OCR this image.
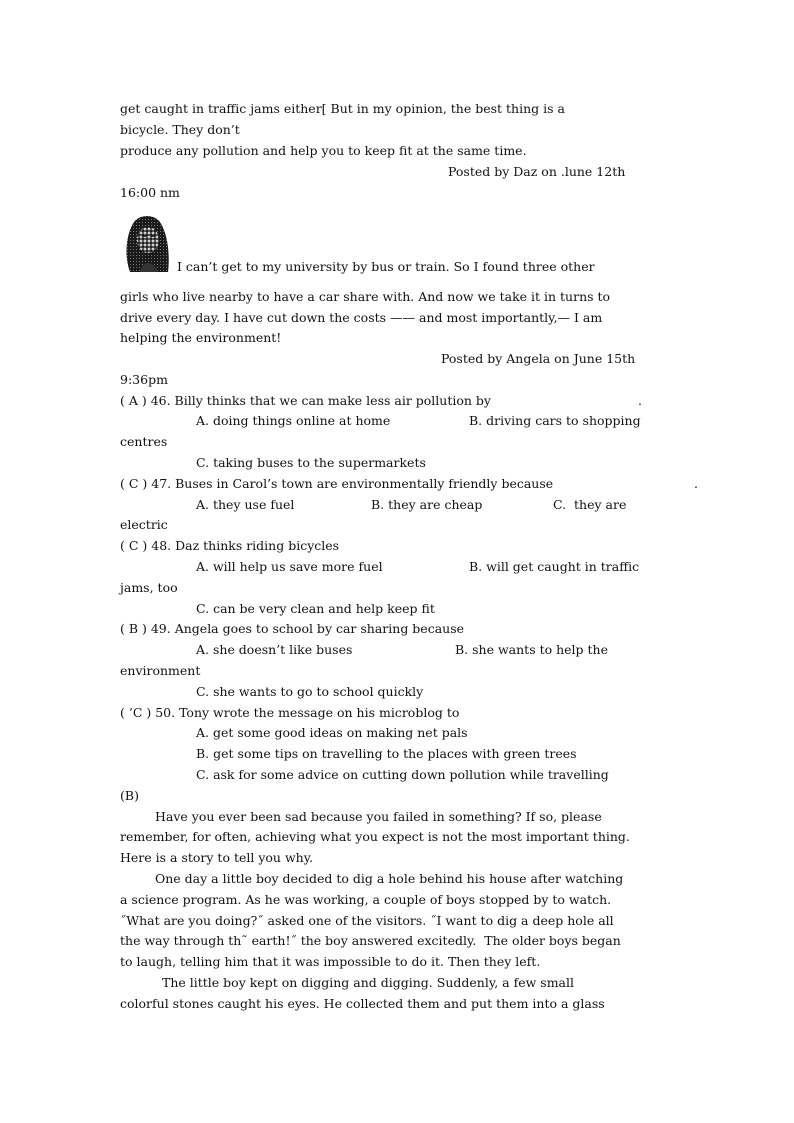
get caught in traffic jams either[ But in my opinion, the best thing is a
bicycle. They don’t
produce any pollution and help you to keep fit at the same time.
Posted by Daz on .lune 12th
16:00 nm
I can’t get to my university by bus or train. So I found three other
girls who live nearby to have a car share with. And now we take it in turns to
drive every day. I have cut down the costs —— and most importantly,— I am
helping the environment!
Posted by Angela on June 15th
9:36pm
( A ) 46. Billy thinks that we can make less air pollution by	.
A. doing things online at home	B. driving cars to shopping
centres
C. taking buses to the supermarkets
( C ) 47. Buses in Carol’s town are environmentally friendly because	.
A. they use fuel	B. they are cheap	C.  they are
electric
( C ) 48. Daz thinks riding bicycles
A. will help us save more fuel	B. will get caught in traffic
jams, too
C. can be very clean and help keep fit
( B ) 49. Angela goes to school by car sharing because
A. she doesn’t like buses	B. she wants to help the
environment
C. she wants to go to school quickly
( ’C ) 50. Tony wrote the message on his microblog to
A. get some good ideas on making net pals
B. get some tips on travelling to the places with green trees
C. ask for some advice on cutting down pollution while travelling
(B)
Have you ever been sad because you failed in something? If so, please
remember, for often, achieving what you expect is not the most important thing.
Here is a story to tell you why.
One day a little boy decided to dig a hole behind his house after watching
a science program. As he was working, a couple of boys stopped by to watch.
˝What are you doing?˝ asked one of the visitors. ˝I want to dig a deep hole all
the way through th˜ earth!˝ the boy answered excitedly.  The older boys began
to laugh, telling him that it was impossible to do it. Then they left.
The little boy kept on digging and digging. Suddenly, a few small
colorful stones caught his eyes. He collected them and put them into a glass
